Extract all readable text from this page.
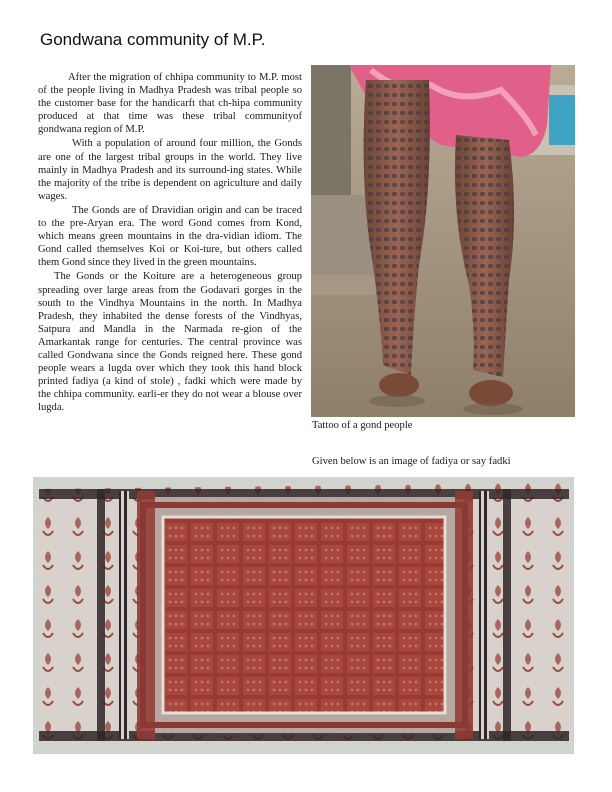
Gondwana community of M.P.

After the migration of chhipa community to M.P. most of the people living in Madhya Pradesh was tribal people so the customer base for the handicarft that ch-hipa community produced at that time was these tribal communityof gondwana region of M.P.

With a population of around four million, the Gonds are one of the largest tribal groups in the world. They live mainly in Madhya Pradesh and its surround-ing states. While the majority of the tribe is dependent on agriculture and daily wages.

The Gonds are of Dravidian origin and can be traced to the pre-Aryan era. The word Gond comes from Kond, which means green mountains in the dra-vidian idiom. The Gond called themselves Koi or Koi-ture, but others called them Gond since they lived in the green mountains.

The Gonds or the Koiture are a heterogeneous group spreading over large areas from the Godavari gorges in the south to the Vindhya Mountains in the north. In Madhya Pradesh, they inhabited the dense forests of the Vindhyas, Satpura and Mandla in the Narmada re-gion of the Amarkantak range for centuries. The central province was called Gondwana since the Gonds reigned here. These gond people wears a lugda over which they took this hand block printed fadiya (a kind of stole) , fadki which were made by the chhipa community. earli-er they do not wear a blouse over lugda.

Tattoo of a gond people
Given below is an image of fadiya or say fadki
